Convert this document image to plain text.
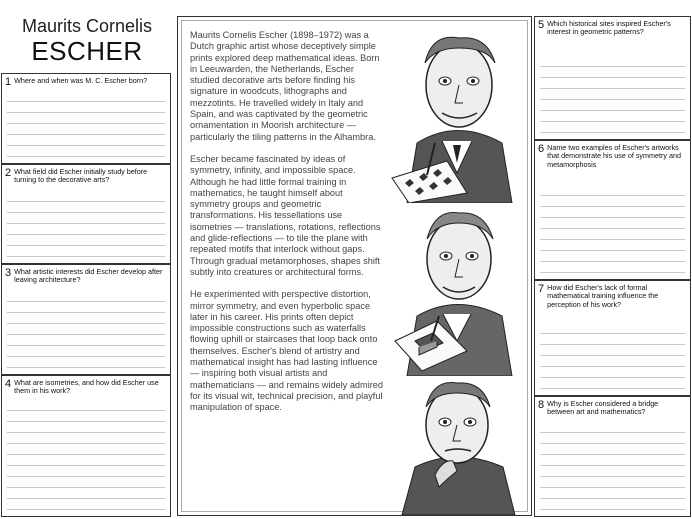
Maurits Cornelis
ESCHER
1 Where and when was M. C. Escher born?
2 What field did Escher initially study before turning to the decorative arts?
3 What artistic interests did Escher develop after leaving architecture?
4 What are isometries, and how did Escher use them in his work?
5 Which historical sites inspired Escher's interest in geometric patterns?
6 Name two examples of Escher's artworks that demonstrate his use of symmetry and metamorphosis
7 How did Escher's lack of formal mathematical training influence the perception of his work?
8 Why is Escher considered a bridge between art and mathematics?

Maurits Cornelis Escher (1898–1972) was a Dutch graphic artist whose deceptively simple prints explored deep mathematical ideas. Born in Leeuwarden, the Netherlands, Escher studied decorative arts before finding his signature in woodcuts, lithographs and mezzotints. He travelled widely in Italy and Spain, and was captivated by the geometric ornamentation in Moorish architecture — particularly the tiling patterns in the Alhambra.

Escher became fascinated by ideas of symmetry, infinity, and impossible space. Although he had little formal training in mathematics, he taught himself about symmetry groups and geometric transformations. His tessellations use isometries — translations, rotations, reflections and glide-reflections — to tile the plane with repeated motifs that interlock without gaps. Through gradual metamorphoses, shapes shift subtly into creatures or architectural forms.

He experimented with perspective distortion, mirror symmetry, and even hyperbolic space later in his career. His prints often depict impossible constructions such as waterfalls flowing uphill or staircases that loop back onto themselves. Escher's blend of artistry and mathematical insight has had lasting influence — inspiring both visual artists and mathematicians — and remains widely admired for its visual wit, technical precision, and playful manipulation of space.
